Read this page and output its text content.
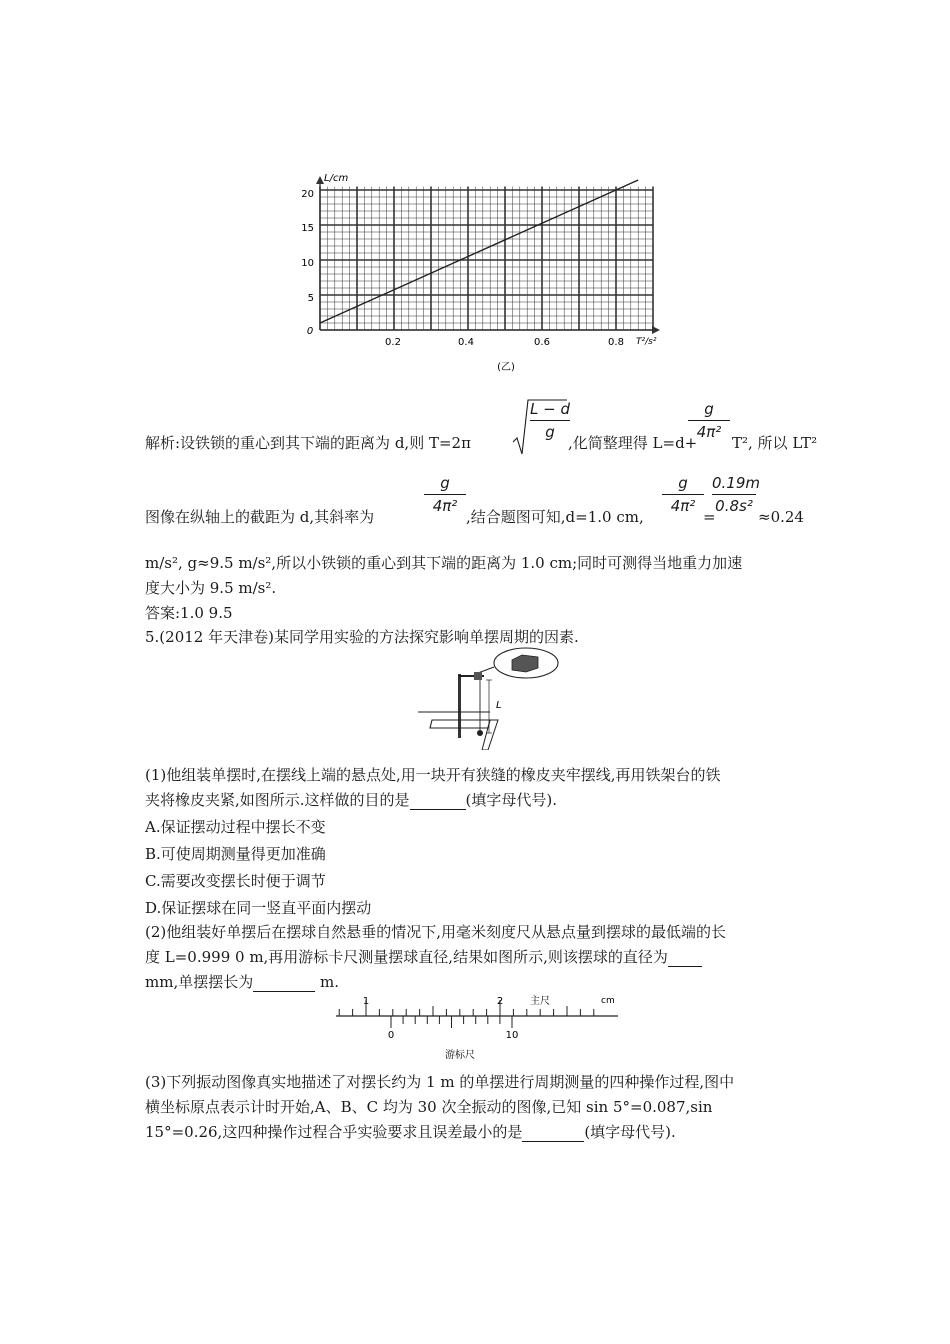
L/cm
T²/s²
0
5
10
15
20
0.2	0.4	0.6	0.8
(乙)
解析:设铁锁的重心到其下端的距离为 d,则 T=2π
L − d
g
,化简整理得 L=d+
g
4π²
T², 所以 LT²
图像在纵轴上的截距为 d,其斜率为
g
4π²
,结合题图可知,d=1.0 cm,
g
4π²
=
0.19m
0.8s²
≈0.24
m/s², g≈9.5 m/s²,所以小铁锁的重心到其下端的距离为 1.0 cm;同时可测得当地重力加速
度大小为 9.5 m/s².
答案:1.0 9.5
5.(2012 年天津卷)某同学用实验的方法探究影响单摆周期的因素.
L
(1)他组装单摆时,在摆线上端的悬点处,用一块开有狭缝的橡皮夹牢摆线,再用铁架台的铁
夹将橡皮夹紧,如图所示.这样做的目的是	(填字母代号).
A.保证摆动过程中摆长不变
B.可使周期测量得更加准确
C.需要改变摆长时便于调节
D.保证摆球在同一竖直平面内摆动
(2)他组装好单摆后在摆球自然悬垂的情况下,用毫米刻度尺从悬点量到摆球的最低端的长
度 L=0.999 0 m,再用游标卡尺测量摆球直径,结果如图所示,则该摆球的直径为
mm,单摆摆长为	m.
1	2	主尺	cm
0	10
游标尺
(3)下列振动图像真实地描述了对摆长约为 1 m 的单摆进行周期测量的四种操作过程,图中
横坐标原点表示计时开始,A、B、C 均为 30 次全振动的图像,已知 sin 5°=0.087,sin
15°=0.26,这四种操作过程合乎实验要求且误差最小的是	(填字母代号).
